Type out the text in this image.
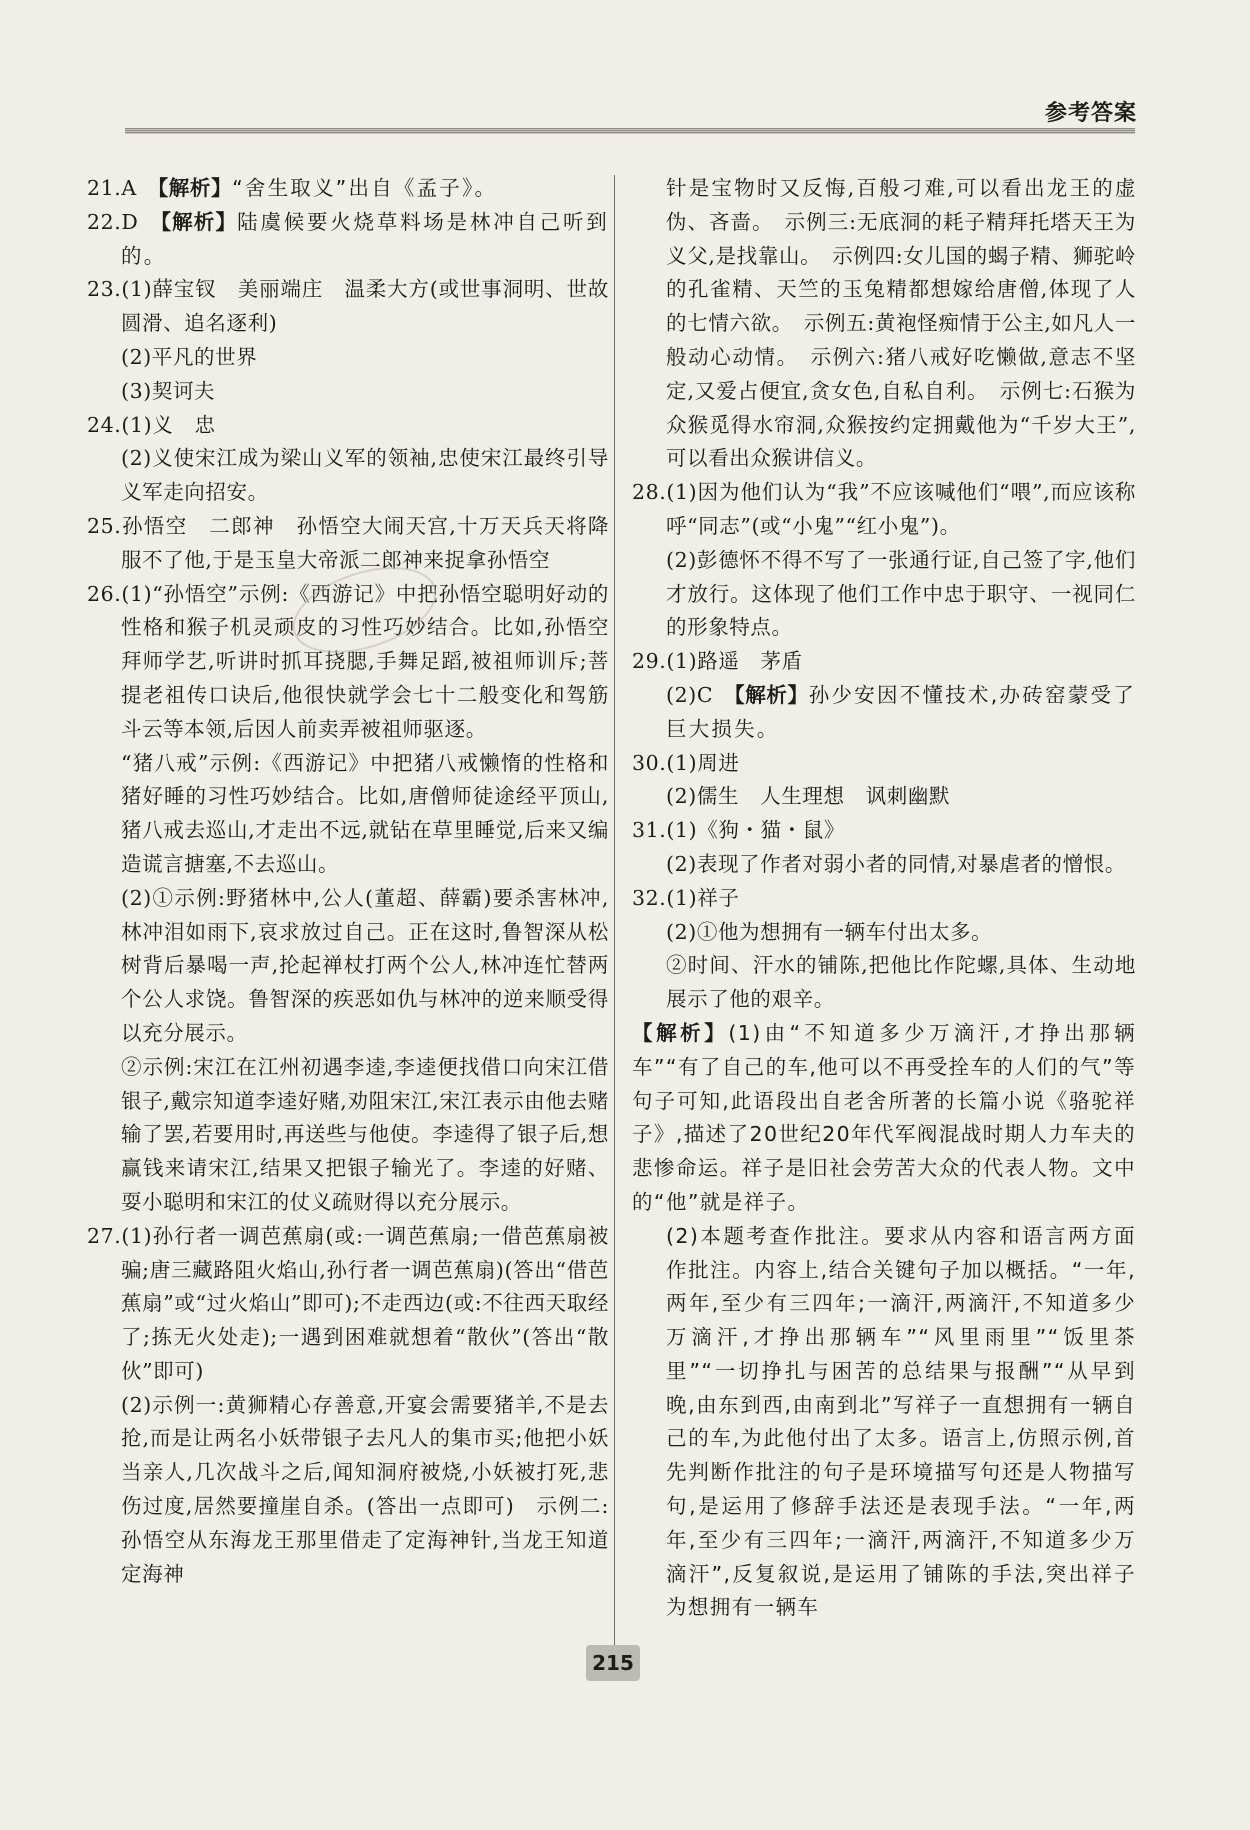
参考答案
21.A　【解析】“舍生取义”出自《孟子》。
22.D　【解析】陆虞候要火烧草料场是林冲自己听到的。
23.(1)薛宝钗　美丽端庄　温柔大方(或世事洞明、世故圆滑、追名逐利)
(2)平凡的世界
(3)契诃夫
24.(1)义　忠
(2)义使宋江成为梁山义军的领袖,忠使宋江最终引导义军走向招安。
25.孙悟空　二郎神　孙悟空大闹天宫,十万天兵天将降服不了他,于是玉皇大帝派二郎神来捉拿孙悟空
26.(1)“孙悟空”示例:《西游记》中把孙悟空聪明好动的性格和猴子机灵顽皮的习性巧妙结合。比如,孙悟空拜师学艺,听讲时抓耳挠腮,手舞足蹈,被祖师训斥;菩提老祖传口诀后,他很快就学会七十二般变化和驾筋斗云等本领,后因人前卖弄被祖师驱逐。
“猪八戒”示例:《西游记》中把猪八戒懒惰的性格和猪好睡的习性巧妙结合。比如,唐僧师徒途经平顶山,猪八戒去巡山,才走出不远,就钻在草里睡觉,后来又编造谎言搪塞,不去巡山。
(2)①示例:野猪林中,公人(董超、薛霸)要杀害林冲,林冲泪如雨下,哀求放过自己。正在这时,鲁智深从松树背后暴喝一声,抡起禅杖打两个公人,林冲连忙替两个公人求饶。鲁智深的疾恶如仇与林冲的逆来顺受得以充分展示。
②示例:宋江在江州初遇李逵,李逵便找借口向宋江借银子,戴宗知道李逵好赌,劝阻宋江,宋江表示由他去赌输了罢,若要用时,再送些与他使。李逵得了银子后,想赢钱来请宋江,结果又把银子输光了。李逵的好赌、耍小聪明和宋江的仗义疏财得以充分展示。
27.(1)孙行者一调芭蕉扇(或:一调芭蕉扇;一借芭蕉扇被骗;唐三藏路阻火焰山,孙行者一调芭蕉扇)(答出“借芭蕉扇”或“过火焰山”即可);不走西边(或:不往西天取经了;拣无火处走);一遇到困难就想着“散伙”(答出“散伙”即可)
(2)示例一:黄狮精心存善意,开宴会需要猪羊,不是去抢,而是让两名小妖带银子去凡人的集市买;他把小妖当亲人,几次战斗之后,闻知洞府被烧,小妖被打死,悲伤过度,居然要撞崖自杀。(答出一点即可)　示例二:孙悟空从东海龙王那里借走了定海神针,当龙王知道定海神
针是宝物时又反悔,百般刁难,可以看出龙王的虚伪、吝啬。　示例三:无底洞的耗子精拜托塔天王为义父,是找靠山。　示例四:女儿国的蝎子精、狮驼岭的孔雀精、天竺的玉兔精都想嫁给唐僧,体现了人的七情六欲。　示例五:黄袍怪痴情于公主,如凡人一般动心动情。　示例六:猪八戒好吃懒做,意志不坚定,又爱占便宜,贪女色,自私自利。　示例七:石猴为众猴觅得水帘洞,众猴按约定拥戴他为“千岁大王”,可以看出众猴讲信义。
28.(1)因为他们认为“我”不应该喊他们“喂”,而应该称呼“同志”(或“小鬼”“红小鬼”)。
(2)彭德怀不得不写了一张通行证,自己签了字,他们才放行。这体现了他们工作中忠于职守、一视同仁的形象特点。
29.(1)路遥　茅盾
(2)C　【解析】孙少安因不懂技术,办砖窑蒙受了巨大损失。
30.(1)周进
(2)儒生　人生理想　讽刺幽默
31.(1)《狗・猫・鼠》
(2)表现了作者对弱小者的同情,对暴虐者的憎恨。
32.(1)祥子
(2)①他为想拥有一辆车付出太多。
②时间、汗水的铺陈,把他比作陀螺,具体、生动地展示了他的艰辛。
【解析】(1)由“不知道多少万滴汗,才挣出那辆车”“有了自己的车,他可以不再受拴车的人们的气”等句子可知,此语段出自老舍所著的长篇小说《骆驼祥子》,描述了20世纪20年代军阀混战时期人力车夫的悲惨命运。祥子是旧社会劳苦大众的代表人物。文中的“他”就是祥子。
(2)本题考查作批注。要求从内容和语言两方面作批注。内容上,结合关键句子加以概括。“一年,两年,至少有三四年;一滴汗,两滴汗,不知道多少万滴汗,才挣出那辆车”“风里雨里”“饭里茶里”“一切挣扎与困苦的总结果与报酬”“从早到晚,由东到西,由南到北”写祥子一直想拥有一辆自己的车,为此他付出了太多。语言上,仿照示例,首先判断作批注的句子是环境描写句还是人物描写句,是运用了修辞手法还是表现手法。“一年,两年,至少有三四年;一滴汗,两滴汗,不知道多少万滴汗”,反复叙说,是运用了铺陈的手法,突出祥子为想拥有一辆车
215
